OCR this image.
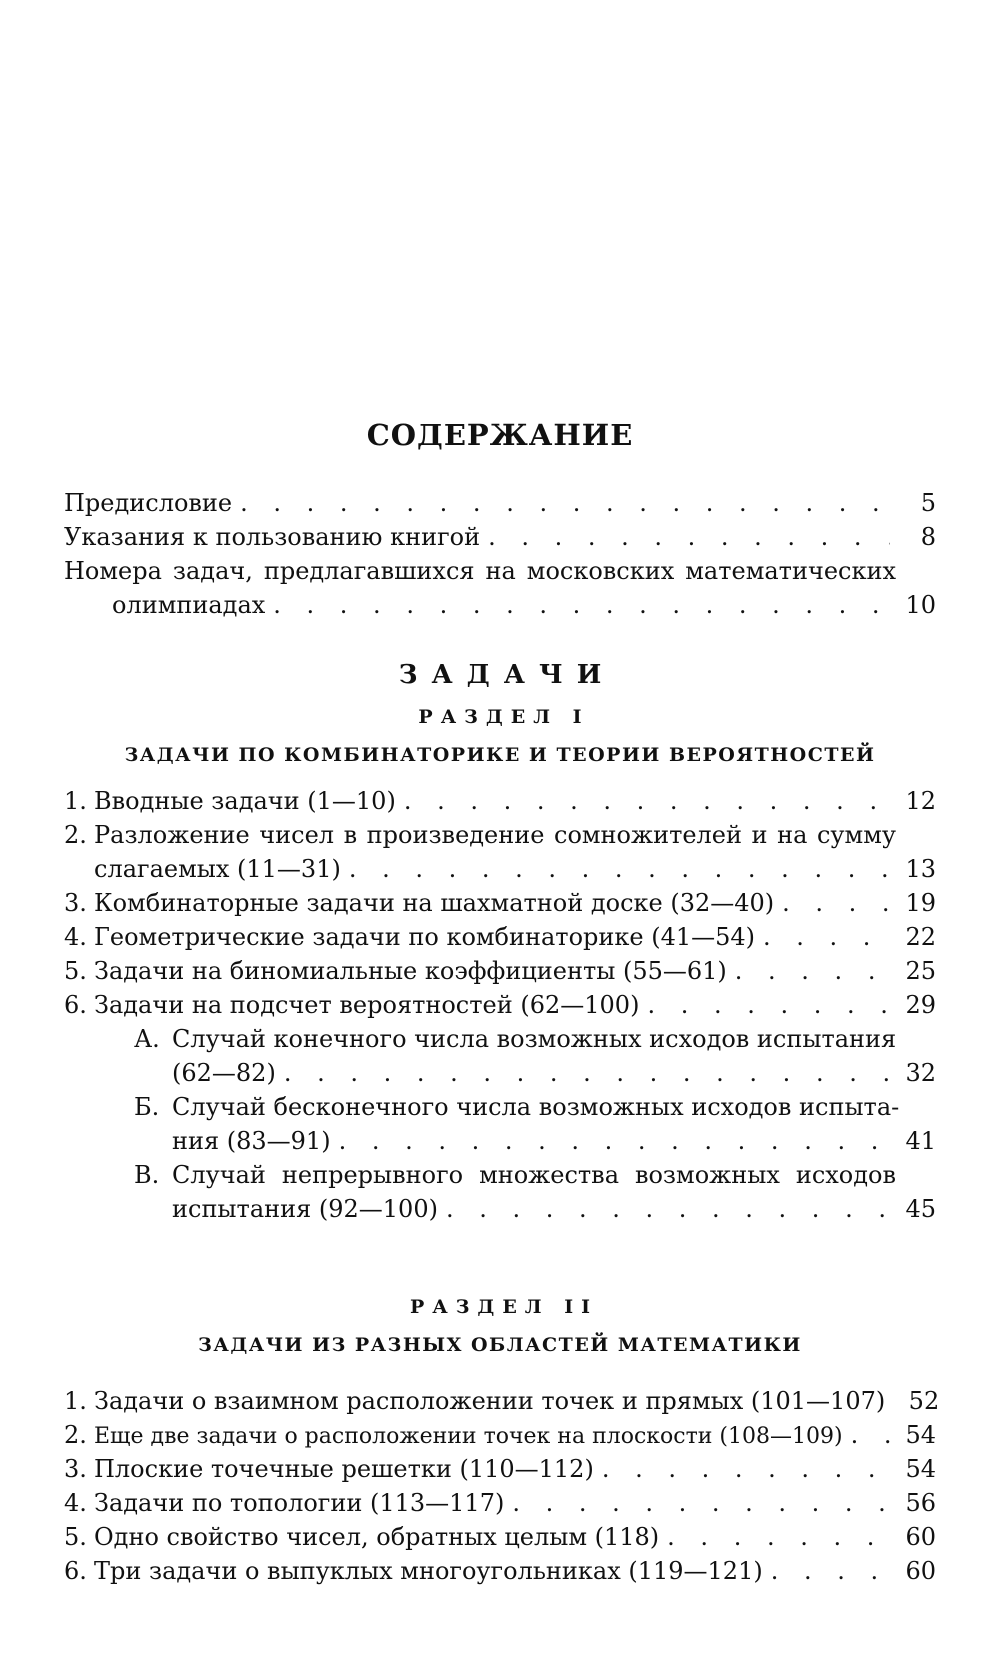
СОДЕРЖАНИЕ
Предисловие . . .	5
Указания к пользованию книгой . . .	8
Номера задач, предлагавшихся на московских математических
олимпиадах . . .	10
ЗАДАЧИ
РАЗДЕЛ I
ЗАДАЧИ ПО КОМБИНАТОРИКЕ И ТЕОРИИ ВЕРОЯТНОСТЕЙ
1. Вводные задачи (1—10) . . .	12
2. Разложение чисел в произведение сомножителей и на сумму
слагаемых (11—31) . . .	13
3. Комбинаторные задачи на шахматной доске (32—40) . . .	19
4. Геометрические задачи по комбинаторике (41—54) . . .	22
5. Задачи на биномиальные коэффициенты (55—61) . . .	25
6. Задачи на подсчет вероятностей (62—100) . . .	29
А. Случай конечного числа возможных исходов испытания
(62—82) . . .	32
Б. Случай бесконечного числа возможных исходов испыта-
ния (83—91) . . .	41
В. Случай непрерывного множества возможных исходов
испытания (92—100) . . .	45
РАЗДЕЛ II
ЗАДАЧИ ИЗ РАЗНЫХ ОБЛАСТЕЙ МАТЕМАТИКИ
1. Задачи о взаимном расположении точек и прямых (101—107) 52
2. Еще две задачи о расположении точек на плоскости (108—109) . . .	54
3. Плоские точечные решетки (110—112) . . .	54
4. Задачи по топологии (113—117) . . .	56
5. Одно свойство чисел, обратных целым (118) . . .	60
6. Три задачи о выпуклых многоугольниках (119—121) . . .	60
